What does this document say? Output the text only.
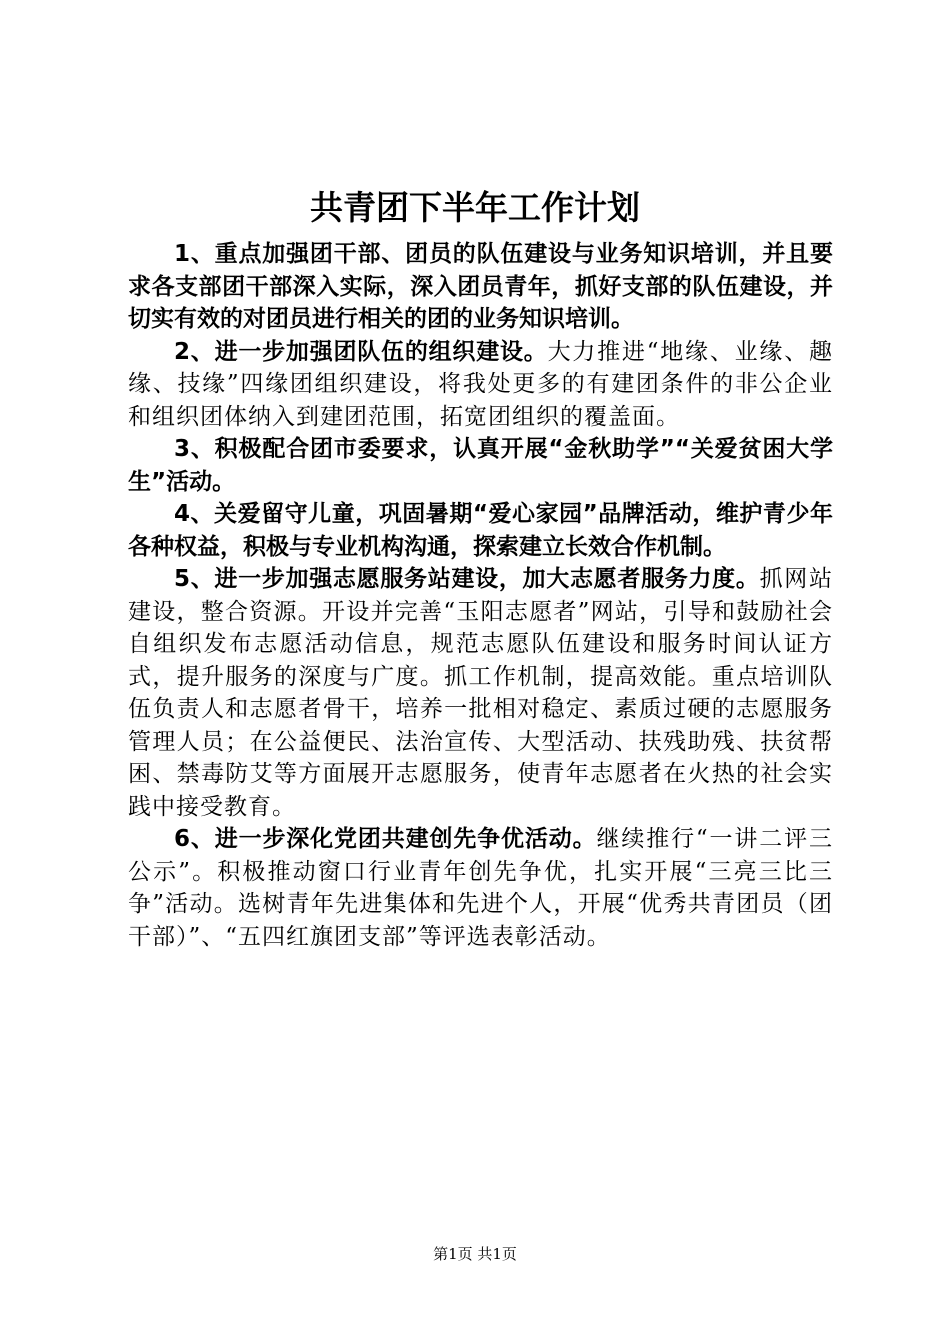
共青团下半年工作计划

1、重点加强团干部、团员的队伍建设与业务知识培训，并且要求各支部团干部深入实际，深入团员青年，抓好支部的队伍建设，并切实有效的对团员进行相关的团的业务知识培训。

2、进一步加强团队伍的组织建设。大力推进“地缘、业缘、趣缘、技缘”四缘团组织建设，将我处更多的有建团条件的非公企业和组织团体纳入到建团范围，拓宽团组织的覆盖面。

3、积极配合团市委要求，认真开展“金秋助学”“关爱贫困大学生”活动。

4、关爱留守儿童，巩固暑期“爱心家园”品牌活动，维护青少年各种权益，积极与专业机构沟通，探索建立长效合作机制。

5、进一步加强志愿服务站建设，加大志愿者服务力度。抓网站建设，整合资源。开设并完善“玉阳志愿者”网站，引导和鼓励社会自组织发布志愿活动信息，规范志愿队伍建设和服务时间认证方式，提升服务的深度与广度。抓工作机制，提高效能。重点培训队伍负责人和志愿者骨干，培养一批相对稳定、素质过硬的志愿服务管理人员；在公益便民、法治宣传、大型活动、扶残助残、扶贫帮困、禁毒防艾等方面展开志愿服务，使青年志愿者在火热的社会实践中接受教育。

6、进一步深化党团共建创先争优活动。继续推行“一讲二评三公示”。积极推动窗口行业青年创先争优，扎实开展“三亮三比三争”活动。选树青年先进集体和先进个人，开展“优秀共青团员（团干部）”、“五四红旗团支部”等评选表彰活动。

第1页 共1页
